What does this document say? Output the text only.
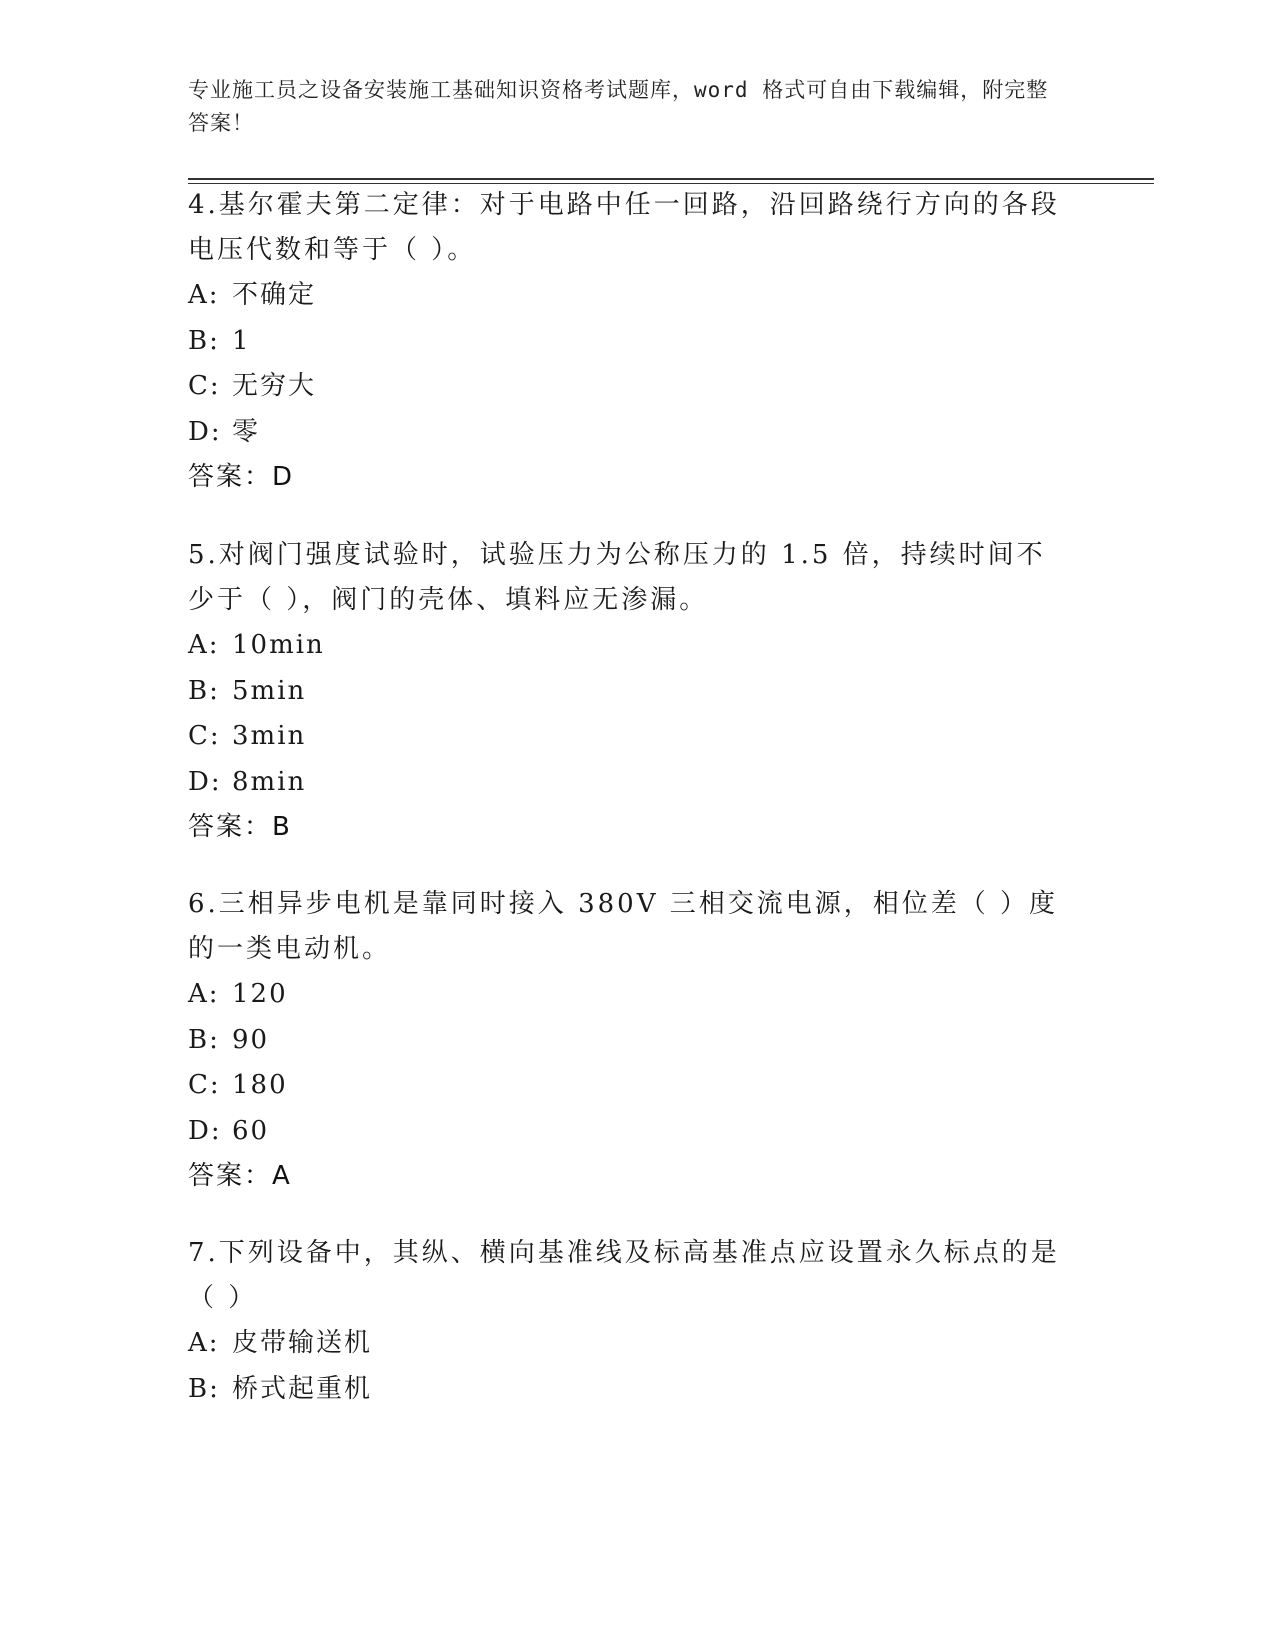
专业施工员之设备安装施工基础知识资格考试题库，word 格式可自由下载编辑，附完整答案！

4.基尔霍夫第二定律：对于电路中任一回路，沿回路绕行方向的各段电压代数和等于（ ）。

A: 不确定
B: 1
C: 无穷大
D: 零
答案：D

5.对阀门强度试验时，试验压力为公称压力的 1.5 倍，持续时间不少于（ ），阀门的壳体、填料应无渗漏。

A: 10min
B: 5min
C: 3min
D: 8min
答案：B

6.三相异步电机是靠同时接入 380V 三相交流电源，相位差（ ）度的一类电动机。

A: 120
B: 90
C: 180
D: 60
答案：A

7.下列设备中，其纵、横向基准线及标高基准点应设置永久标点的是（ ）

A: 皮带输送机
B: 桥式起重机
